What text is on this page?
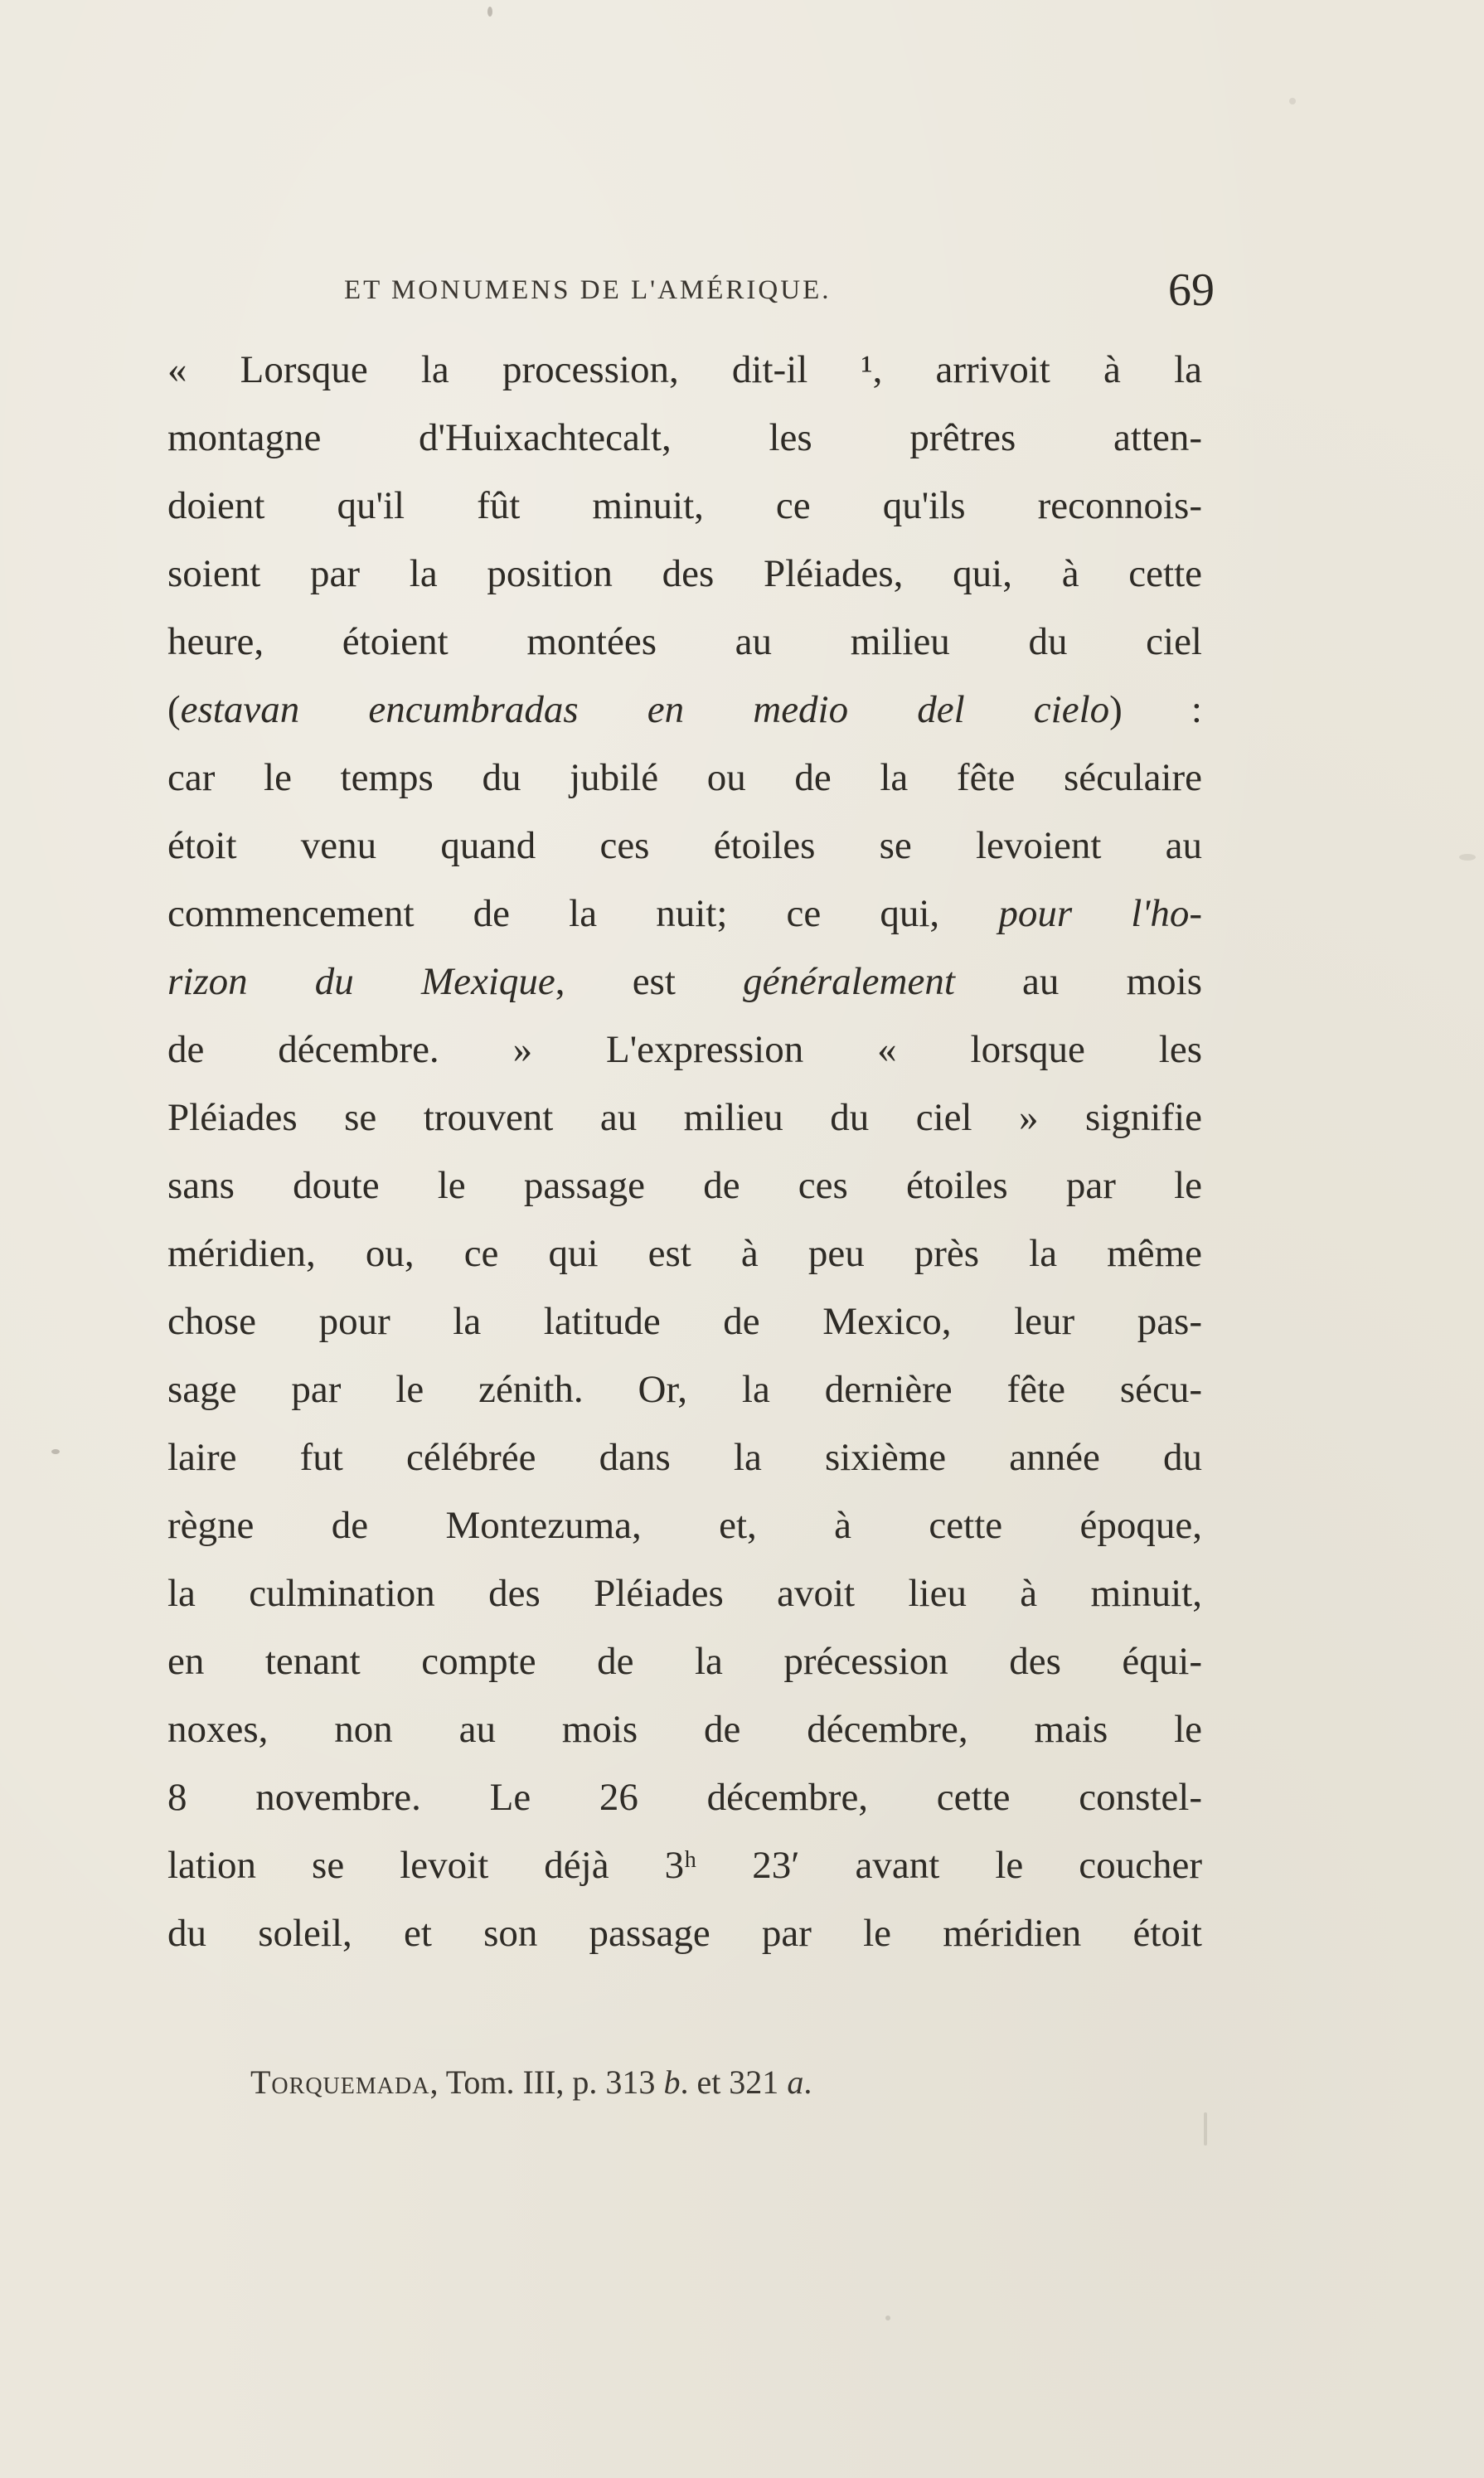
ET MONUMENS DE L'AMÉRIQUE.	69
« Lorsque la procession, dit-il ¹, arrivoit à la
montagne d'Huixachtecalt, les prêtres atten-
doient qu'il fût minuit, ce qu'ils reconnois-
soient par la position des Pléiades, qui, à cette
heure, étoient montées au milieu du ciel
(estavan encumbradas en medio del cielo) :
car le temps du jubilé ou de la fête séculaire
étoit venu quand ces étoiles se levoient au
commencement de la nuit; ce qui, pour l'ho-
rizon du Mexique, est généralement au mois
de décembre. » L'expression « lorsque les
Pléiades se trouvent au milieu du ciel » signifie
sans doute le passage de ces étoiles par le
méridien, ou, ce qui est à peu près la même
chose pour la latitude de Mexico, leur pas-
sage par le zénith. Or, la dernière fête sécu-
laire fut célébrée dans la sixième année du
règne de Montezuma, et, à cette époque,
la culmination des Pléiades avoit lieu à minuit,
en tenant compte de la précession des équi-
noxes, non au mois de décembre, mais le
8 novembre. Le 26 décembre, cette constel-
lation se levoit déjà 3ʰ 23′ avant le coucher
du soleil, et son passage par le méridien étoit
Torquemada, Tom. III, p. 313 b. et 321 a.
